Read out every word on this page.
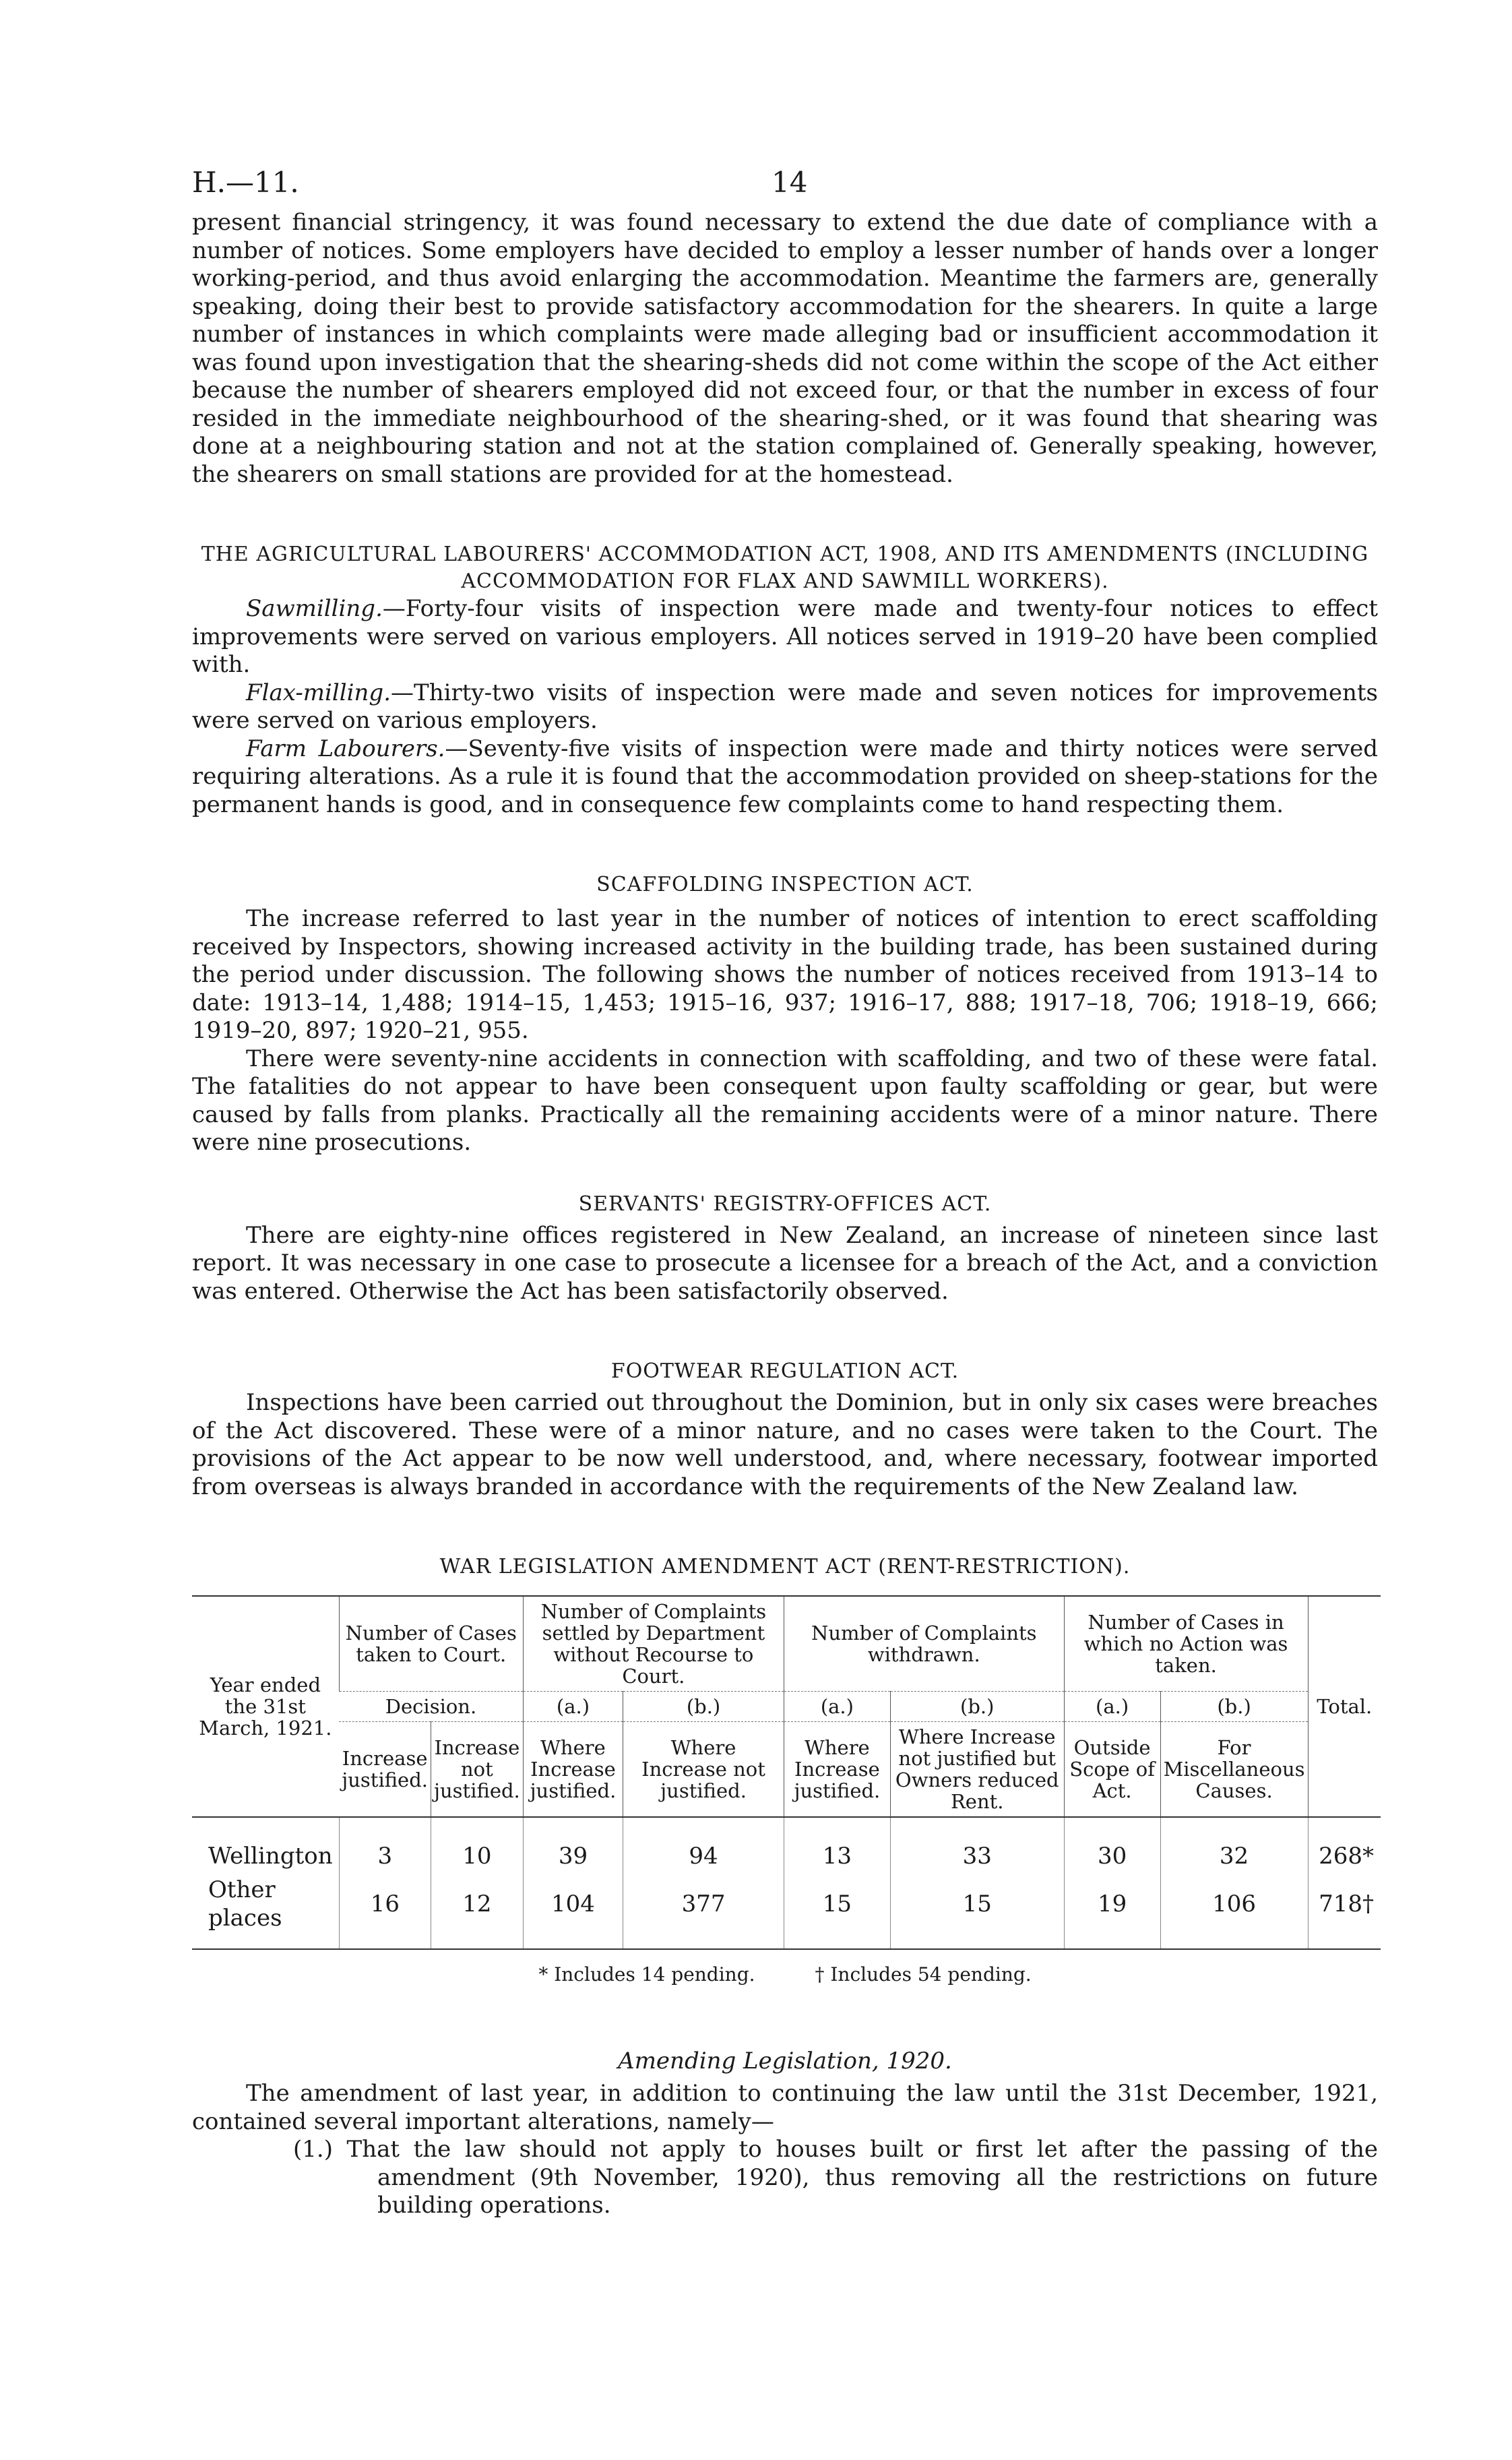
H.—11.	14

present financial stringency, it was found necessary to extend the due date of compliance with a number of notices. Some employers have decided to employ a lesser number of hands over a longer working-period, and thus avoid enlarging the accommodation. Meantime the farmers are, generally speaking, doing their best to provide satisfactory accommodation for the shearers. In quite a large number of instances in which complaints were made alleging bad or insufficient accommodation it was found upon investigation that the shearing-sheds did not come within the scope of the Act either because the number of shearers employed did not exceed four, or that the number in excess of four resided in the immediate neighbourhood of the shearing-shed, or it was found that shearing was done at a neighbouring station and not at the station complained of. Generally speaking, however, the shearers on small stations are provided for at the homestead.

THE AGRICULTURAL LABOURERS' ACCOMMODATION ACT, 1908, AND ITS AMENDMENTS (INCLUDING
ACCOMMODATION FOR FLAX AND SAWMILL WORKERS).

Sawmilling.—Forty-four visits of inspection were made and twenty-four notices to effect improvements were served on various employers. All notices served in 1919–20 have been complied with.

Flax-milling.—Thirty-two visits of inspection were made and seven notices for improvements were served on various employers.

Farm Labourers.—Seventy-five visits of inspection were made and thirty notices were served requiring alterations. As a rule it is found that the accommodation provided on sheep-stations for the permanent hands is good, and in consequence few complaints come to hand respecting them.

SCAFFOLDING INSPECTION ACT.

The increase referred to last year in the number of notices of intention to erect scaffolding received by Inspectors, showing increased activity in the building trade, has been sustained during the period under discussion. The following shows the number of notices received from 1913–14 to date: 1913–14, 1,488; 1914–15, 1,453; 1915–16, 937; 1916–17, 888; 1917–18, 706; 1918–19, 666; 1919–20, 897; 1920–21, 955.

There were seventy-nine accidents in connection with scaffolding, and two of these were fatal. The fatalities do not appear to have been consequent upon faulty scaffolding or gear, but were caused by falls from planks. Practically all the remaining accidents were of a minor nature. There were nine prosecutions.

SERVANTS' REGISTRY-OFFICES ACT.

There are eighty-nine offices registered in New Zealand, an increase of nineteen since last report. It was necessary in one case to prosecute a licensee for a breach of the Act, and a conviction was entered. Otherwise the Act has been satisfactorily observed.

FOOTWEAR REGULATION ACT.

Inspections have been carried out throughout the Dominion, but in only six cases were breaches of the Act discovered. These were of a minor nature, and no cases were taken to the Court. The provisions of the Act appear to be now well understood, and, where necessary, footwear imported from overseas is always branded in accordance with the requirements of the New Zealand law.

WAR LEGISLATION AMENDMENT ACT (RENT-RESTRICTION).
Year ended the 31st March, 1921.	Number of Cases taken to Court.		Number of Complaints settled by Department without Recourse to Court.		Number of Complaints withdrawn.		Number of Cases in which no Action was taken.		Total.
	Decision.		(a.)	(b.)	(a.)	(b.)	(a.)	(b.)	
	Increase justified.	Increase not justified.	Where Increase justified.	Where Increase not justified.	Where Increase justified.	Where Increase not justified but Owners reduced Rent.	Outside Scope of Act.	For Miscellaneous Causes.	
Wellington	3	10	39	94	13	33	30	32	268*
Other places	16	12	104	377	15	15	19	106	718†
* Includes 14 pending.	† Includes 54 pending.
Amending Legislation, 1920.

The amendment of last year, in addition to continuing the law until the 31st December, 1921, contained several important alterations, namely—

(1.) That the law should not apply to houses built or first let after the passing of the amendment (9th November, 1920), thus removing all the restrictions on future building operations.
